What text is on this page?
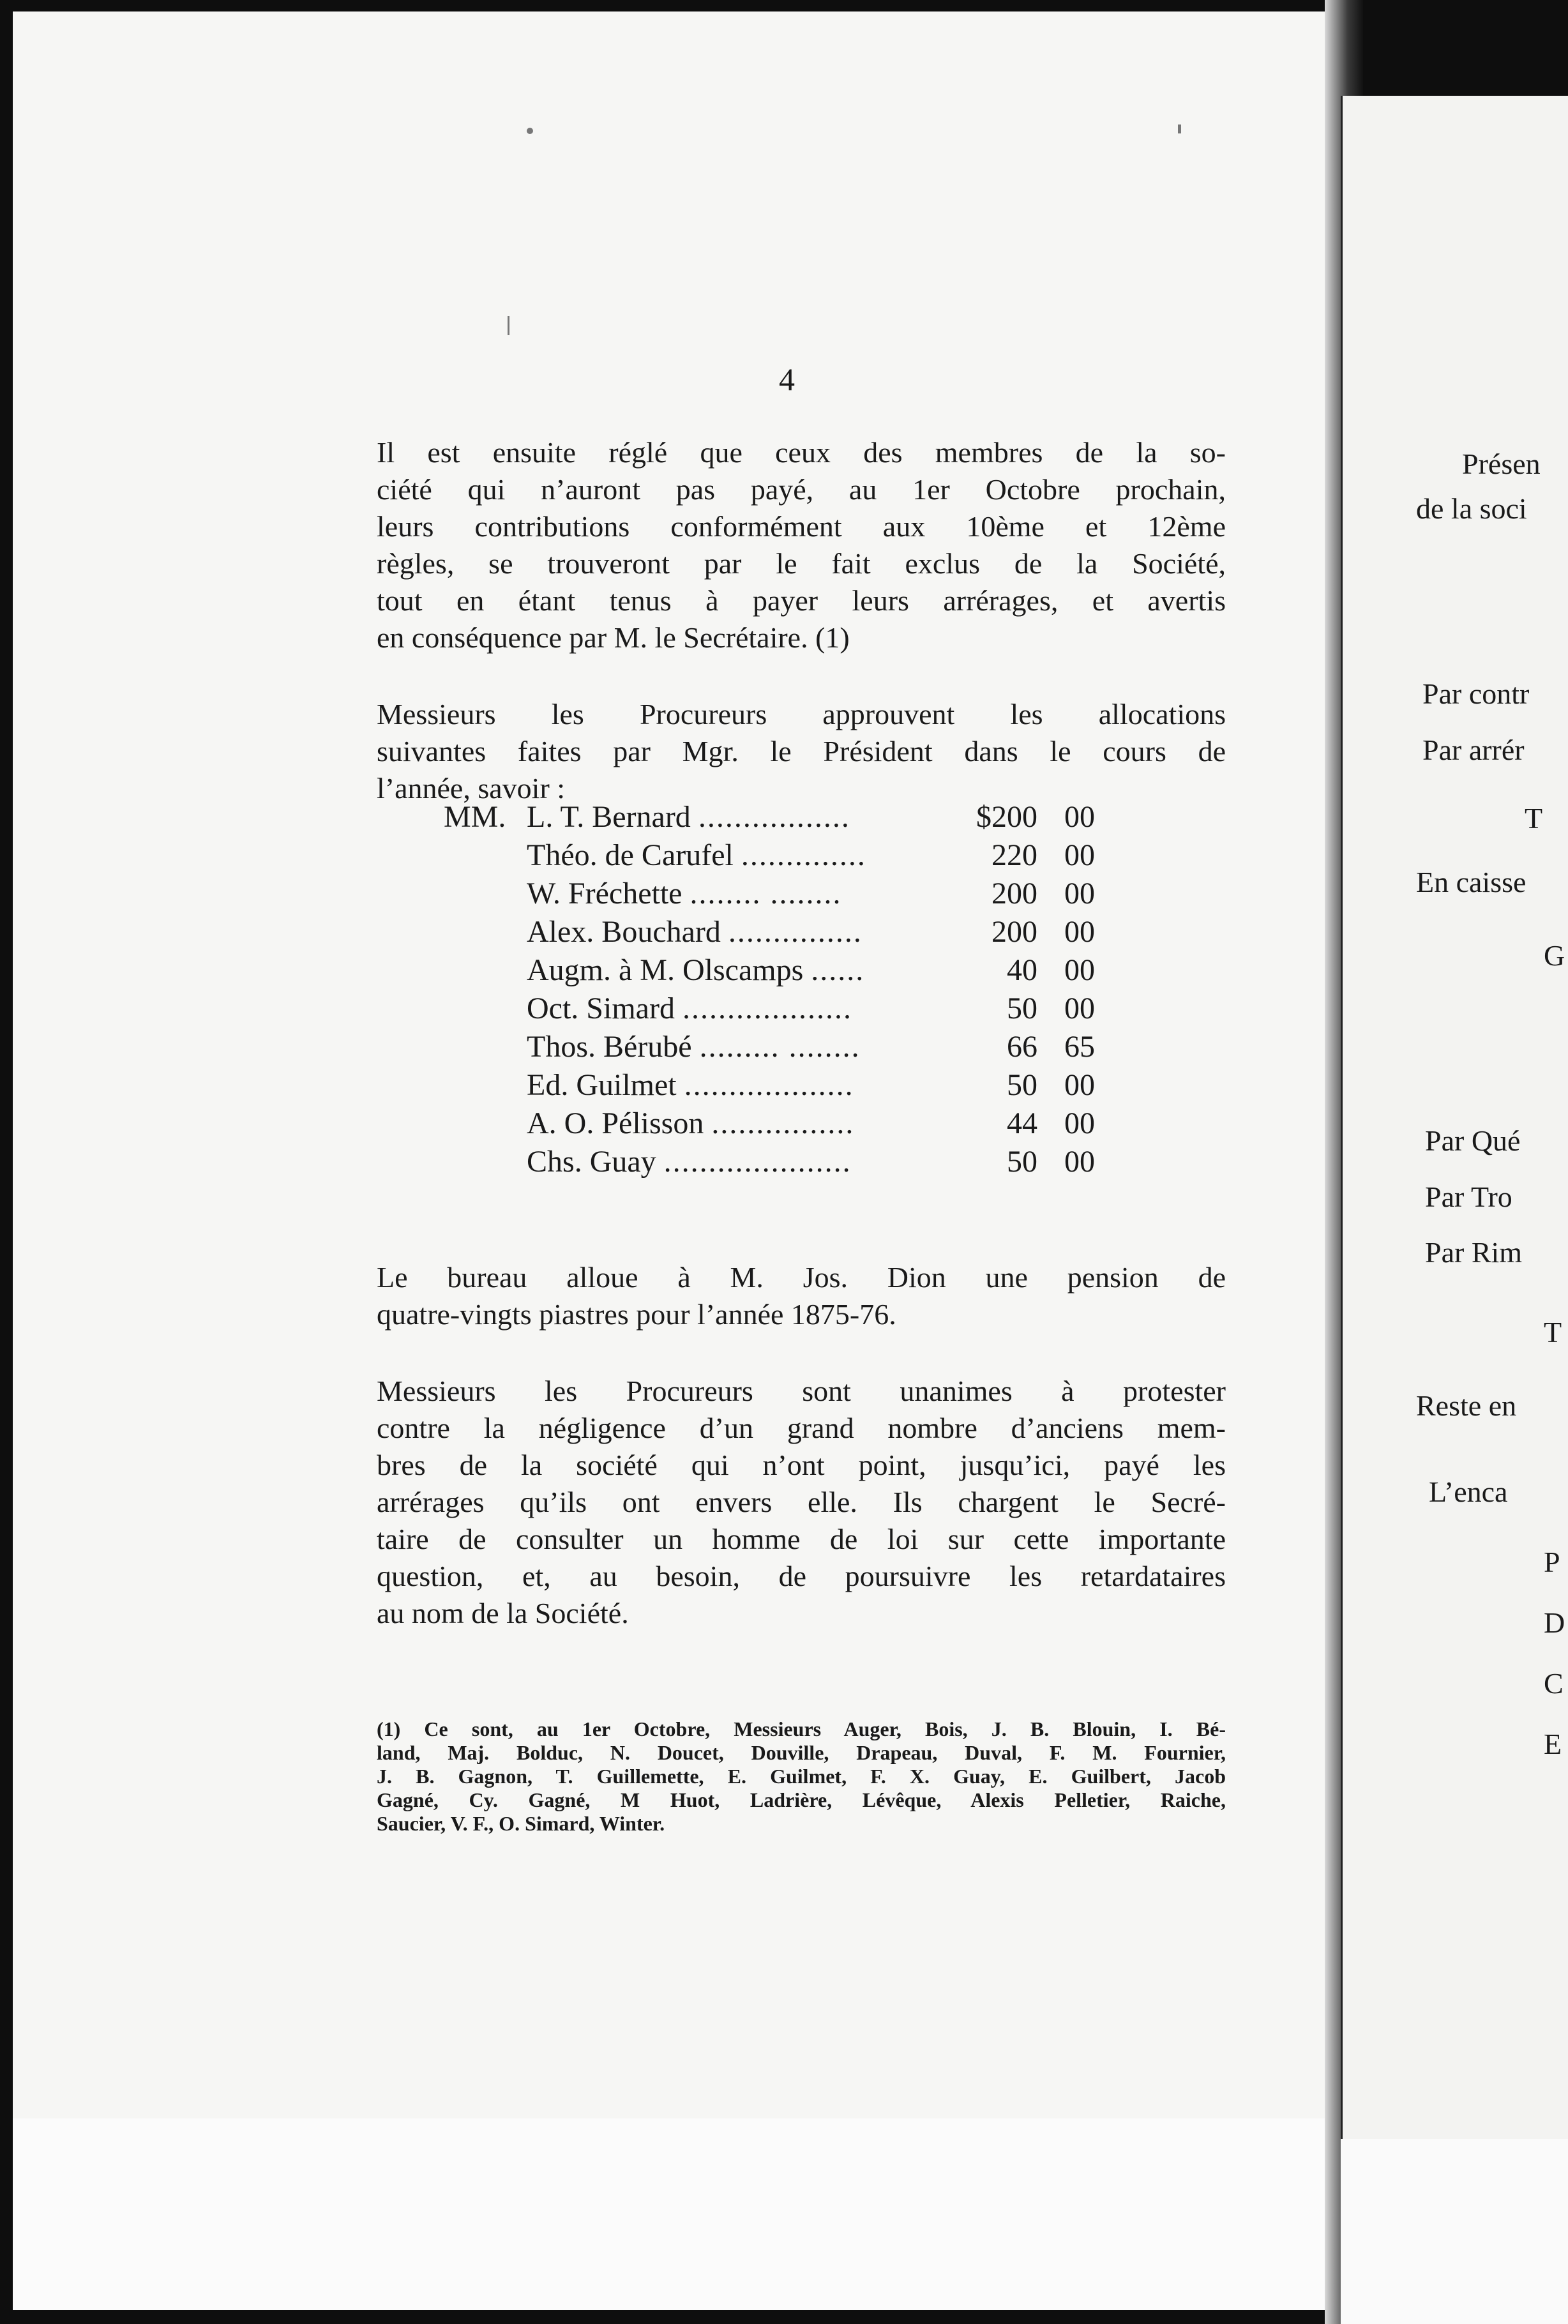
4
Il est ensuite réglé que ceux des membres de la so-
ciété qui n’auront pas payé, au 1er Octobre prochain,
leurs contributions conformément aux 10ème et 12ème
règles, se trouveront par le fait exclus de la Société,
tout en étant tenus à payer leurs arrérages, et avertis
en conséquence par M. le Secrétaire. (1)
Messieurs les Procureurs approuvent les allocations
suivantes faites par Mgr. le Président dans le cours de
l’année, savoir :
MM. L. T. Bernard .................	$200 00
Théo. de Carufel ..............	220 00
W. Fréchette ........ ........	200 00
Alex. Bouchard ...............	200 00
Augm. à M. Olscamps ......	40 00
Oct. Simard ...................	50 00
Thos. Bérubé ......... ........	66 65
Ed. Guilmet ...................	50 00
A. O. Pélisson ................	44 00
Chs. Guay .....................	50 00
Le bureau alloue à M. Jos. Dion une pension de
quatre-vingts piastres pour l’année 1875-76.
Messieurs les Procureurs sont unanimes à protester
contre la négligence d’un grand nombre d’anciens mem-
bres de la société qui n’ont point, jusqu’ici, payé les
arrérages qu’ils ont envers elle. Ils chargent le Secré-
taire de consulter un homme de loi sur cette importante
question, et, au besoin, de poursuivre les retardataires
au nom de la Société.
(1) Ce sont, au 1er Octobre, Messieurs Auger, Bois, J. B. Blouin, I. Bé-
land, Maj. Bolduc, N. Doucet, Douville, Drapeau, Duval, F. M. Fournier,
J. B. Gagnon, T. Guillemette, E. Guilmet, F. X. Guay, E. Guilbert, Jacob
Gagné, Cy. Gagné, M Huot, Ladrière, Lévêque, Alexis Pelletier, Raiche,
Saucier, V. F., O. Simard, Winter.
Présen
de la soci
Par contr
Par arrér
T
En caisse
G
Par Qué
Par Tro
Par Rim
T
Reste en
L’enca
P
D
C
E
